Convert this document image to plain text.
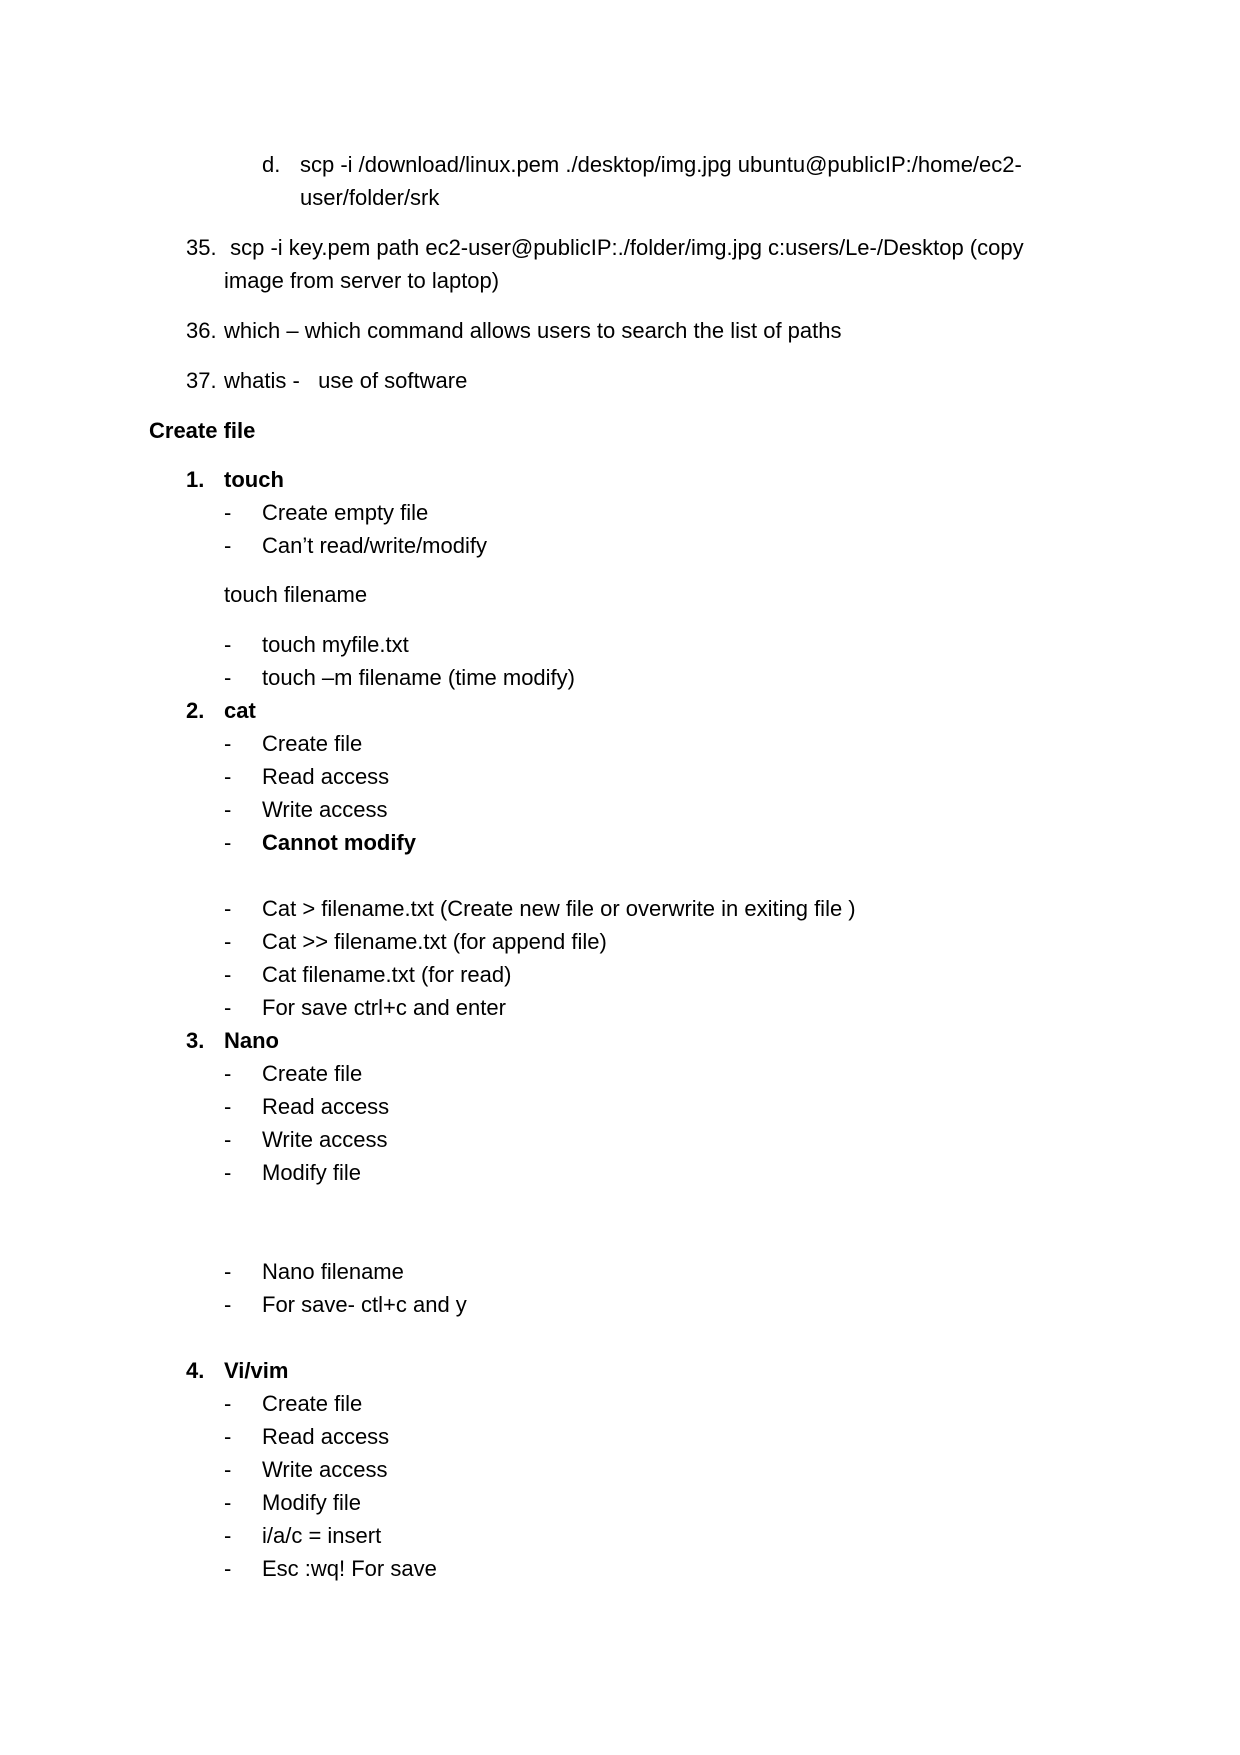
d. scp -i /download/linux.pem ./desktop/img.jpg ubuntu@publicIP:/home/ec2-
user/folder/srk
35. scp -i key.pem path ec2-user@publicIP:./folder/img.jpg c:users/Le-/Desktop (copy
image from server to laptop)
36. which – which command allows users to search the list of paths
37. whatis -   use of software
Create file
1. touch
- Create empty file
- Can’t read/write/modify
touch filename
- touch myfile.txt
- touch –m filename (time modify)
2. cat
- Create file
- Read access
- Write access
- Cannot modify
- Cat > filename.txt (Create new file or overwrite in exiting file )
- Cat >> filename.txt (for append file)
- Cat filename.txt (for read)
- For save ctrl+c and enter
3. Nano
- Create file
- Read access
- Write access
- Modify file
- Nano filename
- For save- ctl+c and y
4. Vi/vim
- Create file
- Read access
- Write access
- Modify file
- i/a/c = insert
- Esc :wq! For save
